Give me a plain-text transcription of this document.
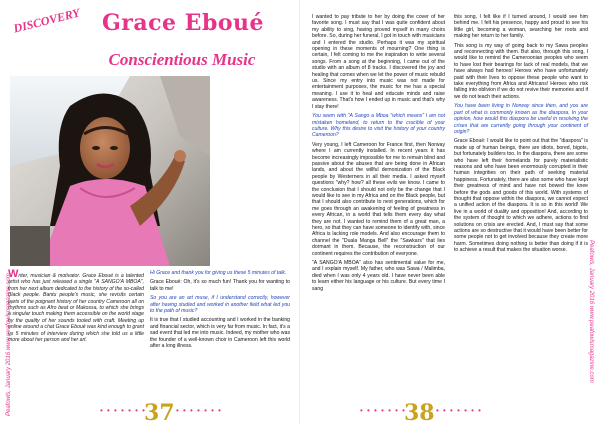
DISCOVERY Grace Eboué
Conscientious Music
Writer, musician & motivator. Grace Eboué is a talented artist who has just released a single "A SANGO'A MBOA", from her next album dedicated to the history of the so-called Black people. Bantu people's music, she revisits certain parts of the poignant history of her country Cameroon all on rhythms such as Afro beat or Makossa, to which she brings a singular touch making them accessible on the world stage by the quality of her sounds tooled with craft. Meeting up online around a chat Grace Eboué was kind enough to grant us 5 minutes of interview during which she told us a little more about her person and her art.

Hi Grace and thank you for giving us these 5 minutes of talk.

Grace Eboué: Oh, it's so much fun! Thank you for wanting to talk to me!

So you are an art muse, if I understand correctly, however after having studied and worked in another field what led you to the path of music?

It is true that I studied accounting and I worked in the banking and financial sector, which is very far from music. In fact, it's a sad event that led me into music. Indeed, my mother who was the founder of a well-known choir in Cameroon left this world after a long illness.

• • • • • • •
37 • • • • • • •
Peafowls, January 2016 www.peafowlsmagazine.com

I wanted to pay tribute to her by doing the cover of her favorite song. I must say that I was quite confident about my ability to sing, having proved myself in many choirs before. So, during her funeral, I got in touch with musicians and I entered the studio. Perhaps it was my spiritual opening in these moments of mourning? One thing is certain, I felt coming to me the inspiration to write several songs. From a song at the beginning, I came out of the studio with an album of 8 tracks. I discovered the joy and healing that comes when we let the power of music rebuild us. Since my entry into music was not made for entertainment purposes, the music for me has a special meaning. I use it to heal and educate minds and raise awareness. That's how I ended up in music and that's why I stay there!

You seem with "A Sango a Mboa "which means" I am not mistaken homeland, to return to the crucible of your culture. Why this desire to visit the history of your country Cameroon?

Very young, I left Cameroon for France first, then Norway where I am currently installed. In recent years it has become increasingly impossible for me to remain blind and passive about the abuses that are being done in African lands, and about the willful demonization of the Black people by Westerners in all their media. I asked myself questions "why? how? all these evils we know. I came to the conclusion that I should not only be the change that I would like to see in my Africa and on the Black people, but that I should also contribute to next generations, which for me goes through an awakening of feeling of greatness in every African, in a world that tells them every day what they are not. I wanted to remind them of a great man, a hero, so that they can have someone to identify with, since Africa is lacking role models. And also encourage them to channel the "Duala Manga Bell" the "Sawkars" that lies dormant in them. Because, the reconstruction of our continent requires the contribution of everyone.

"A SANGO'A MBOA" also has sentimental value for me, and I explain myself. My father, who was Sawa / Malimba, died when I was only 4 years old. I have never been able to learn either his language or his culture. But every time I sang

this song, I felt like if I turned around, I would see him behind me. I felt his presence, happy and proud to see his little girl, becoming a woman, searching her roots and making her return to her family.

This song is my way of going back to my Sawa peoples and reconnecting with them. But also, through this song, I would like to remind the Cameroonian peoples who seem to have lost their bearings for lack of real models, that we have always had heroes! Heroes who have unfortunately paid with their lives to oppose these people who want to take everything from Africa and Africans! Heroes who risk falling into oblivion if we do not revive their memories and if we do not teach their actions.

You have been living in Norway since then, and you are part of what is commonly known as the diaspora. In your opinion, how would this diaspora be useful in resolving the crises that are currently going through your continent of origin?

Grace Eboué: I would like to point out that the "diaspora" is made up of human beings, there are idiots, bored, bigots, but fortunately builders too. In the diaspora, there are some who have left their homelands for purely materialistic reasons and who have been enormously corrupted in their human integrities on their path of seeking material happiness. Fortunately, there are also some who have kept their greatness of mind and have not bowed the knee before the gods and goods of this world. With systems of thought that oppose within the diaspora, we cannot expect a unified action of the diaspora. It is so in this world! We live in a world of duality and opposition! And, according to the system of thought to which we adhere, actions to find solutions on crisis are erected. And, I must say that some actions are so destructive that it would have been better for some people not to get involved because they create more harm. Sometimes doing nothing is better than doing if it is to achieve a result that makes the situation worse.

• • • • • • •
38 • • • • • • •
Peafowls, January 2016 www.peafowlsmagazine.com
